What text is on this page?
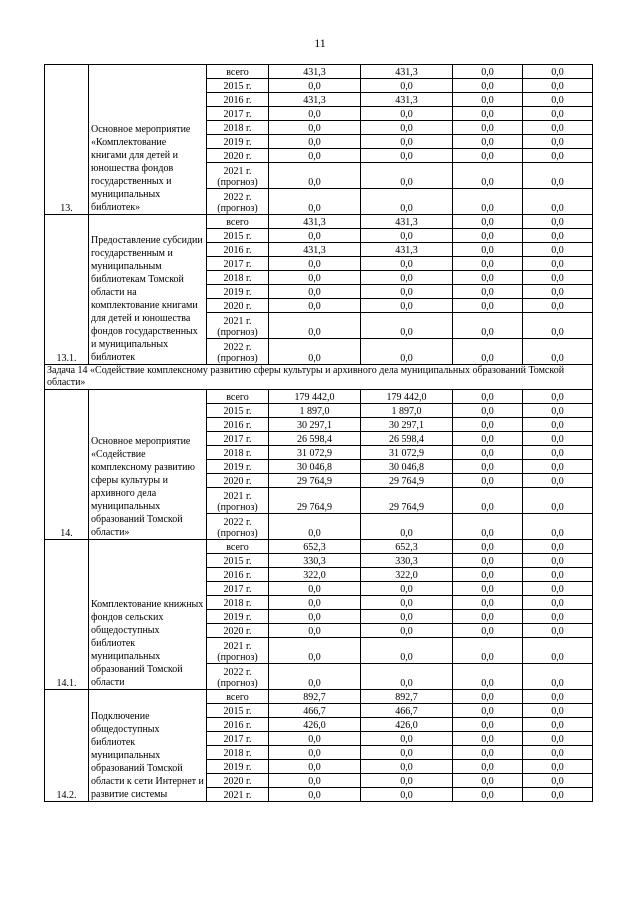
11
13.	Основное мероприятие «Комплектование книгами для детей и юношества фондов государственных и муниципальных библиотек»	всего	431,3	431,3	0,0	0,0

		2015 г.	0,0	0,0	0,0	0,0

		2016 г.	431,3	431,3	0,0	0,0

		2017 г.	0,0	0,0	0,0	0,0

		2018 г.	0,0	0,0	0,0	0,0

		2019 г.	0,0	0,0	0,0	0,0

		2020 г.	0,0	0,0	0,0	0,0

		2021 г.
(прогноз)	0,0	0,0	0,0	0,0

		2022 г.
(прогноз)	0,0	0,0	0,0	0,0
13.1.	Предоставление субсидии государственным и муниципальным библиотекам Томской области на комплектование книгами для детей и юношества фондов государственных и муниципальных библиотек	всего	431,3	431,3	0,0	0,0

		2015 г.	0,0	0,0	0,0	0,0

		2016 г.	431,3	431,3	0,0	0,0

		2017 г.	0,0	0,0	0,0	0,0

		2018 г.	0,0	0,0	0,0	0,0

		2019 г.	0,0	0,0	0,0	0,0

		2020 г.	0,0	0,0	0,0	0,0

		2021 г.
(прогноз)	0,0	0,0	0,0	0,0

		2022 г.
(прогноз)	0,0	0,0	0,0	0,0
Задача 14 «Содействие комплексному развитию сферы культуры и архивного дела муниципальных образований Томской области»						
14.	Основное мероприятие «Содействие комплексному развитию сферы культуры и архивного дела муниципальных образований Томской области»	всего	179 442,0	179 442,0	0,0	0,0

		2015 г.	1 897,0	1 897,0	0,0	0,0

		2016 г.	30 297,1	30 297,1	0,0	0,0

		2017 г.	26 598,4	26 598,4	0,0	0,0

		2018 г.	31 072,9	31 072,9	0,0	0,0

		2019 г.	30 046,8	30 046,8	0,0	0,0

		2020 г.	29 764,9	29 764,9	0,0	0,0

		2021 г.
(прогноз)	29 764,9	29 764,9	0,0	0,0

		2022 г.
(прогноз)	0,0	0,0	0,0	0,0
14.1.	Комплектование книжных фондов сельских общедоступных библиотек муниципальных образований Томской области	всего	652,3	652,3	0,0	0,0

		2015 г.	330,3	330,3	0,0	0,0

		2016 г.	322,0	322,0	0,0	0,0

		2017 г.	0,0	0,0	0,0	0,0

		2018 г.	0,0	0,0	0,0	0,0

		2019 г.	0,0	0,0	0,0	0,0

		2020 г.	0,0	0,0	0,0	0,0

		2021 г.
(прогноз)	0,0	0,0	0,0	0,0

		2022 г.
(прогноз)	0,0	0,0	0,0	0,0
14.2.	Подключение общедоступных библиотек муниципальных образований Томской области к сети Интернет и развитие системы	всего	892,7	892,7	0,0	0,0

		2015 г.	466,7	466,7	0,0	0,0

		2016 г.	426,0	426,0	0,0	0,0

		2017 г.	0,0	0,0	0,0	0,0

		2018 г.	0,0	0,0	0,0	0,0

		2019 г.	0,0	0,0	0,0	0,0

		2020 г.	0,0	0,0	0,0	0,0

		2021 г.	0,0	0,0	0,0	0,0
